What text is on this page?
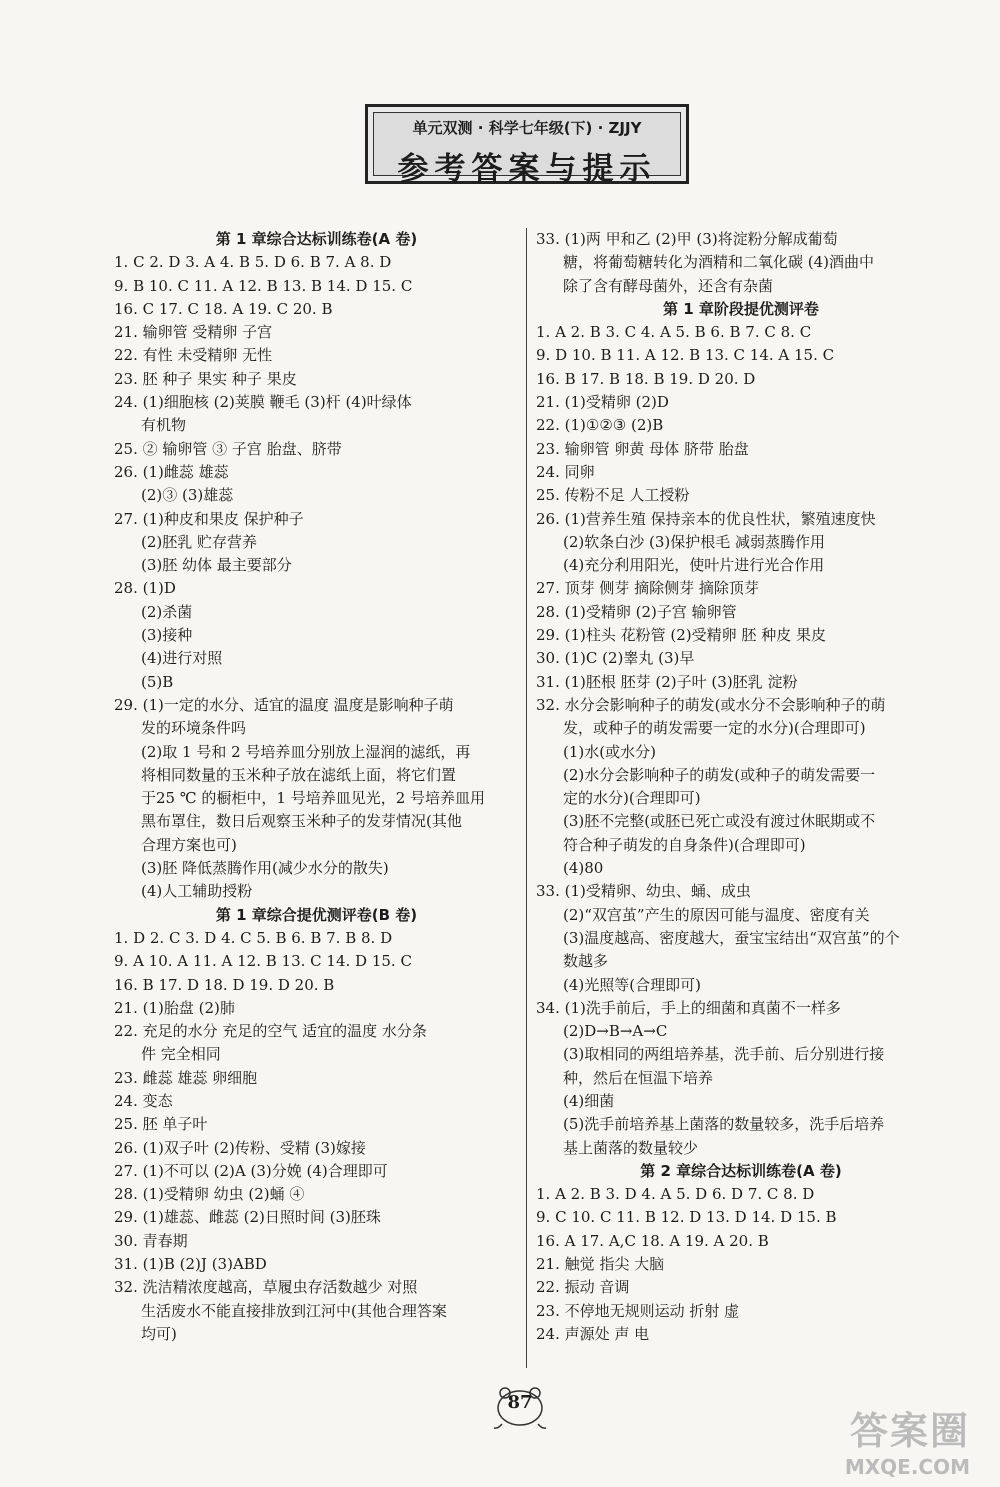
单元双测 · 科学七年级(下) · ZJJY
参考答案与提示
第 1 章综合达标训练卷(A 卷)
1. C 2. D 3. A 4. B 5. D 6. B 7. A 8. D
9. B 10. C 11. A 12. B 13. B 14. D 15. C
16. C 17. C 18. A 19. C 20. B
21. 输卵管 受精卵 子宫
22. 有性 未受精卵 无性
23. 胚 种子 果实 种子 果皮
24. (1)细胞核 (2)荚膜 鞭毛 (3)杆 (4)叶绿体
有机物
25. ② 输卵管 ③ 子宫 胎盘、脐带
26. (1)雌蕊 雄蕊
(2)③ (3)雄蕊
27. (1)种皮和果皮 保护种子
(2)胚乳 贮存营养
(3)胚 幼体 最主要部分
28. (1)D
(2)杀菌
(3)接种
(4)进行对照
(5)B
29. (1)一定的水分、适宜的温度 温度是影响种子萌
发的环境条件吗
(2)取 1 号和 2 号培养皿分别放上湿润的滤纸，再
将相同数量的玉米种子放在滤纸上面，将它们置
于25 ℃ 的橱柜中，1 号培养皿见光，2 号培养皿用
黑布罩住，数日后观察玉米种子的发芽情况(其他
合理方案也可)
(3)胚 降低蒸腾作用(减少水分的散失)
(4)人工辅助授粉
第 1 章综合提优测评卷(B 卷)
1. D 2. C 3. D 4. C 5. B 6. B 7. B 8. D
9. A 10. A 11. A 12. B 13. C 14. D 15. C
16. B 17. D 18. D 19. D 20. B
21. (1)胎盘 (2)肺
22. 充足的水分 充足的空气 适宜的温度 水分条
件 完全相同
23. 雌蕊 雄蕊 卵细胞
24. 变态
25. 胚 单子叶
26. (1)双子叶 (2)传粉、受精 (3)嫁接
27. (1)不可以 (2)A (3)分娩 (4)合理即可
28. (1)受精卵 幼虫 (2)蛹 ④
29. (1)雄蕊、雌蕊 (2)日照时间 (3)胚珠
30. 青春期
31. (1)B (2)J (3)ABD
32. 洗洁精浓度越高，草履虫存活数越少 对照
生活废水不能直接排放到江河中(其他合理答案
均可)
33. (1)两 甲和乙 (2)甲 (3)将淀粉分解成葡萄
糖，将葡萄糖转化为酒精和二氧化碳 (4)酒曲中
除了含有酵母菌外，还含有杂菌
第 1 章阶段提优测评卷
1. A 2. B 3. C 4. A 5. B 6. B 7. C 8. C
9. D 10. B 11. A 12. B 13. C 14. A 15. C
16. B 17. B 18. B 19. D 20. D
21. (1)受精卵 (2)D
22. (1)①②③ (2)B
23. 输卵管 卵黄 母体 脐带 胎盘
24. 同卵
25. 传粉不足 人工授粉
26. (1)营养生殖 保持亲本的优良性状，繁殖速度快
(2)软条白沙 (3)保护根毛 减弱蒸腾作用
(4)充分利用阳光，使叶片进行光合作用
27. 顶芽 侧芽 摘除侧芽 摘除顶芽
28. (1)受精卵 (2)子宫 输卵管
29. (1)柱头 花粉管 (2)受精卵 胚 种皮 果皮
30. (1)C (2)睾丸 (3)早
31. (1)胚根 胚芽 (2)子叶 (3)胚乳 淀粉
32. 水分会影响种子的萌发(或水分不会影响种子的萌
发，或种子的萌发需要一定的水分)(合理即可)
(1)水(或水分)
(2)水分会影响种子的萌发(或种子的萌发需要一
定的水分)(合理即可)
(3)胚不完整(或胚已死亡或没有渡过休眠期或不
符合种子萌发的自身条件)(合理即可)
(4)80
33. (1)受精卵、幼虫、蛹、成虫
(2)“双宫茧”产生的原因可能与温度、密度有关
(3)温度越高、密度越大，蚕宝宝结出“双宫茧”的个
数越多
(4)光照等(合理即可)
34. (1)洗手前后，手上的细菌和真菌不一样多
(2)D→B→A→C
(3)取相同的两组培养基，洗手前、后分别进行接
种，然后在恒温下培养
(4)细菌
(5)洗手前培养基上菌落的数量较多，洗手后培养
基上菌落的数量较少
第 2 章综合达标训练卷(A 卷)
1. A 2. B 3. D 4. A 5. D 6. D 7. C 8. D
9. C 10. C 11. B 12. D 13. D 14. D 15. B
16. A 17. A,C 18. A 19. A 20. B
21. 触觉 指尖 大脑
22. 振动 音调
23. 不停地无规则运动 折射 虚
24. 声源处 声 电
87
答案圈
MXQE.COM
